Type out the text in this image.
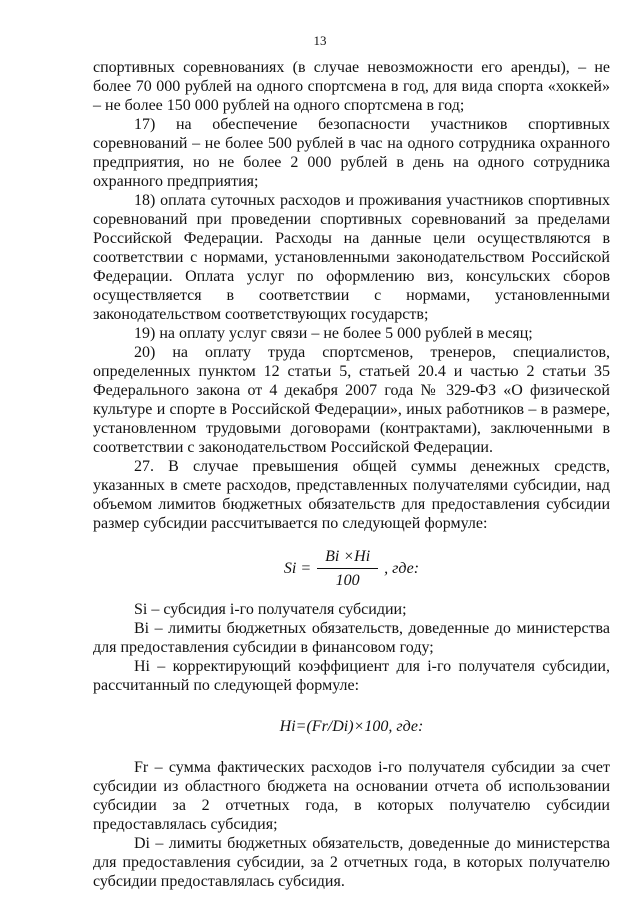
13

спортивных соревнованиях (в случае невозможности его аренды), – не более 70 000 рублей на одного спортсмена в год, для вида спорта «хоккей» – не более 150 000 рублей на одного спортсмена в год;

17) на обеспечение безопасности участников спортивных соревнований – не более 500 рублей в час на одного сотрудника охранного предприятия, но не более 2 000 рублей в день на одного сотрудника охранного предприятия;

18) оплата суточных расходов и проживания участников спортивных соревнований при проведении спортивных соревнований за пределами Российской Федерации. Расходы на данные цели осуществляются в соответствии с нормами, установленными законодательством Российской Федерации. Оплата услуг по оформлению виз, консульских сборов осуществляется в соответствии с нормами, установленными законодательством соответствующих государств;

19) на оплату услуг связи – не более 5 000 рублей в месяц;

20) на оплату труда спортсменов, тренеров, специалистов, определенных пунктом 12 статьи 5, статьей 20.4 и частью 2 статьи 35 Федерального закона от 4 декабря 2007 года № 329-ФЗ «О физической культуре и спорте в Российской Федерации», иных работников – в размере, установленном трудовыми договорами (контрактами), заключенными в соответствии с законодательством Российской Федерации.

27. В случае превышения общей суммы денежных средств, указанных в смете расходов, представленных получателями субсидии, над объемом лимитов бюджетных обязательств для предоставления субсидии размер субсидии рассчитывается по следующей формуле:

$Si = \frac{Bi \times Hi}{100}$ , где:

Si – субсидия i-го получателя субсидии;

Bi – лимиты бюджетных обязательств, доведенные до министерства для предоставления субсидии в финансовом году;

Hi – корректирующий коэффициент для i-го получателя субсидии, рассчитанный по следующей формуле:

Hi=(Fr/Di)×100, где:

Fr – сумма фактических расходов i-го получателя субсидии за счет субсидии из областного бюджета на основании отчета об использовании субсидии за 2 отчетных года, в которых получателю субсидии предоставлялась субсидия;

Di – лимиты бюджетных обязательств, доведенные до министерства для предоставления субсидии, за 2 отчетных года, в которых получателю субсидии предоставлялась субсидия.
